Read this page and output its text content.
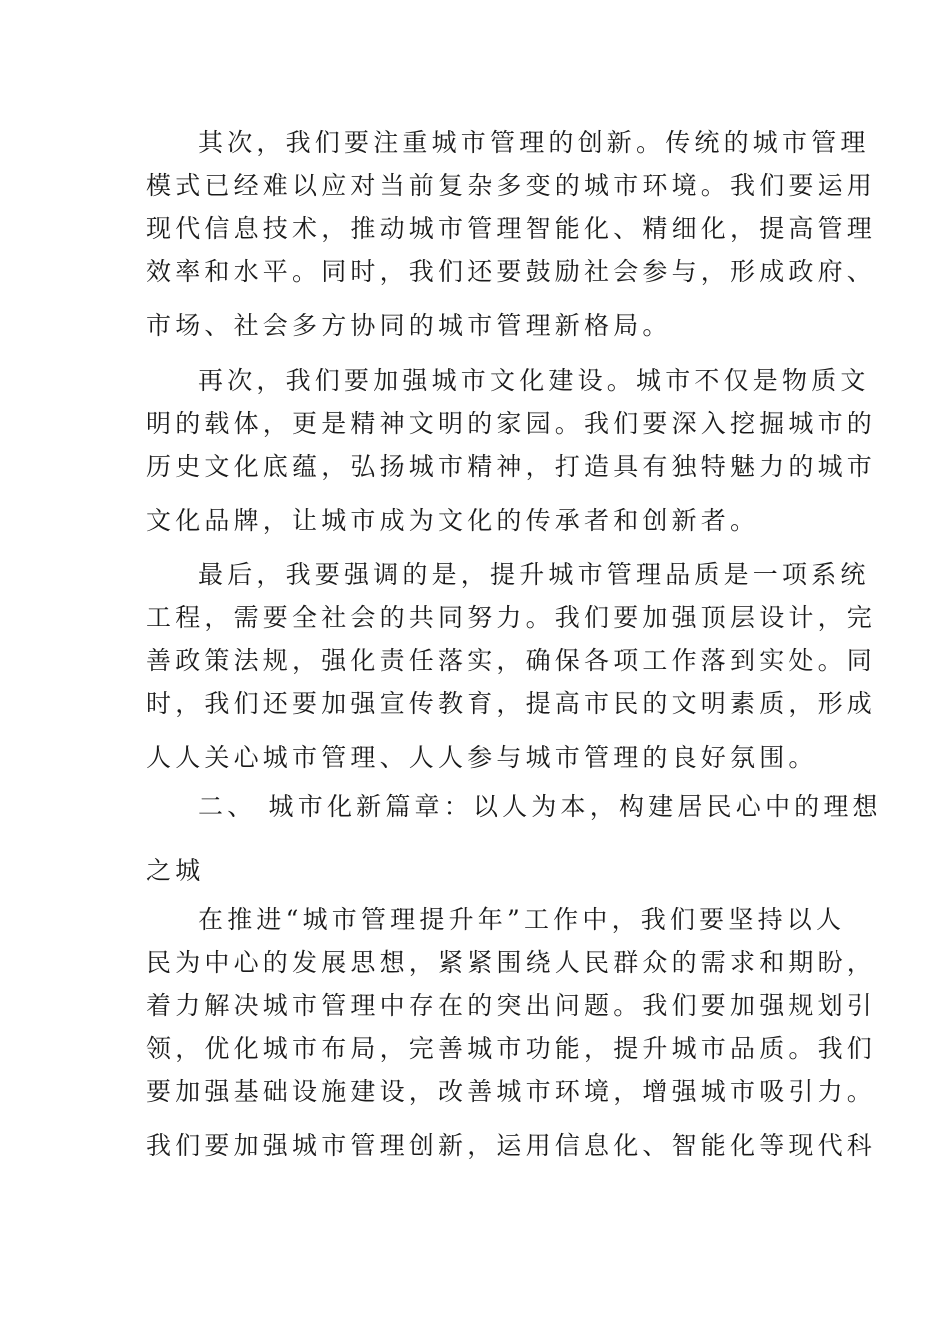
其次，我们要注重城市管理的创新。传统的城市管理
模式已经难以应对当前复杂多变的城市环境。我们要运用
现代信息技术，推动城市管理智能化、精细化，提高管理
效率和水平。同时，我们还要鼓励社会参与，形成政府、
市场、社会多方协同的城市管理新格局。
再次，我们要加强城市文化建设。城市不仅是物质文
明的载体，更是精神文明的家园。我们要深入挖掘城市的
历史文化底蕴，弘扬城市精神，打造具有独特魅力的城市
文化品牌，让城市成为文化的传承者和创新者。
最后，我要强调的是，提升城市管理品质是一项系统
工程，需要全社会的共同努力。我们要加强顶层设计，完
善政策法规，强化责任落实，确保各项工作落到实处。同
时，我们还要加强宣传教育，提高市民的文明素质，形成
人人关心城市管理、人人参与城市管理的良好氛围。
二、 城市化新篇章：以人为本，构建居民心中的理想
之城
在推进“城市管理提升年”工作中，我们要坚持以人
民为中心的发展思想，紧紧围绕人民群众的需求和期盼，
着力解决城市管理中存在的突出问题。我们要加强规划引
领，优化城市布局，完善城市功能，提升城市品质。我们
要加强基础设施建设，改善城市环境，增强城市吸引力。
我们要加强城市管理创新，运用信息化、智能化等现代科
